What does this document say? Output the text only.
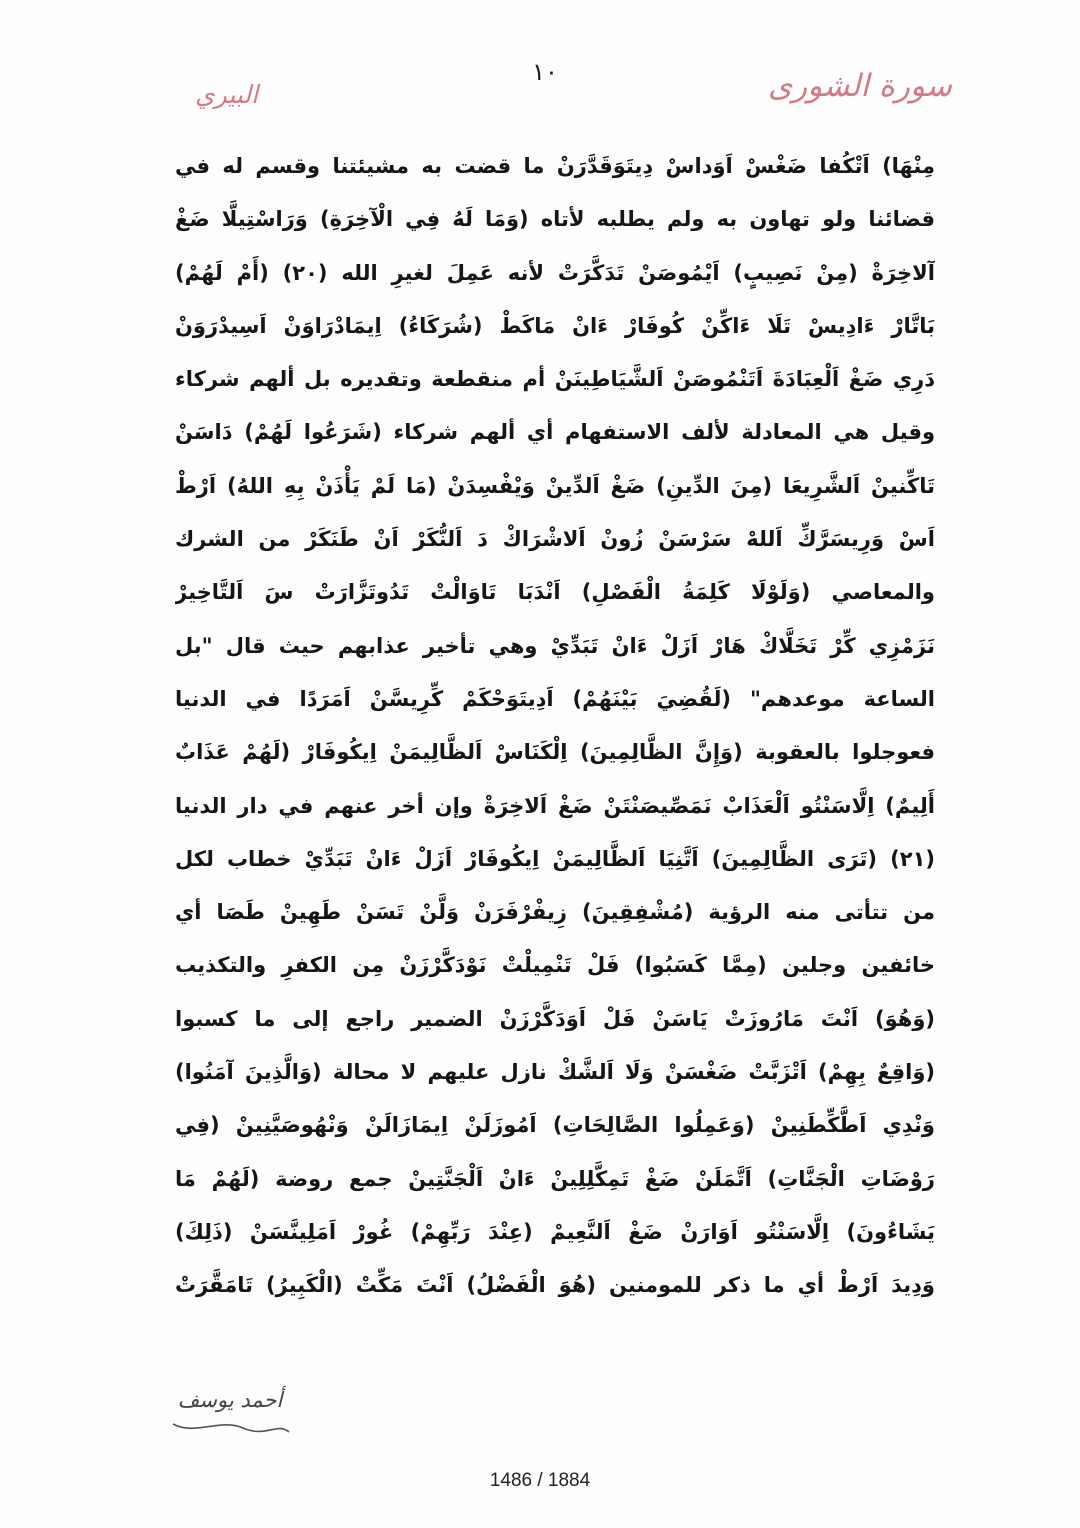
سورة الشورى
١٠
البيري
مِنْهَا) اَتْكُفا ضَغْسْ اَوَداسْ دِيتَوَقَدَّرَنْ ما قضت به مشيئتنا وقسم له في
قضائنا ولو تهاون به ولم يطلبه لأتاه (وَمَا لَهُ فِي الْآخِرَةِ) وَرَاسْتِيلَّا ضَغْ
آلاخِرَةْ (مِنْ نَصِيبٍ) اَيْمُوصَنْ تَدَكَّرَتْ لأنه عَمِلَ لغيرِ الله (٢٠) (أَمْ لَهُمْ)
بَاتَّارْ ءَادِيسْ تَلَا ءَاكِّنْ كُوفَارْ ءَانْ مَاكَطْ (شُرَكَاءُ) اِيمَادْرَاوَنْ اَسِيدْرَوَنْ
دَرِي ضَغْ اَلْعِبَادَةَ اَتَنْمُوصَنْ اَلشَّيَاطِينَنْ أم منقطعة وتقديره بل ألهم شركاء
وقيل هي المعادلة لألف الاستفهام أي ألهم شركاء (شَرَعُوا لَهُمْ) دَاسَنْ
تَاكِّنينْ اَلشَّرِيعَا (مِنَ الدِّينِ) ضَغْ اَلدِّينْ وَيْفْسِدَنْ (مَا لَمْ يَأْذَنْ بِهِ اللهُ) اَرْطْ
اَسْ وَرِيسَرَّكِّ اَللهْ سَرْسَنْ زُونْ اَلاشْرَاكْ دَ اَلنُّكَرْ اَنْ طَنَكَرْ من الشرك
والمعاصي (وَلَوْلَا كَلِمَةُ الْفَصْلِ) اَنْدَبَا تَاوَالْتْ تَدُوتَزَّارَتْ سَ اَلتَّاخِيرْ
نَزَمْزِي كِّرْ تَخَلَّاكْ هَارْ اَزَلْ ءَانْ تَبَدِّيْ وهي تأخير عذابهم حيث قال "بل
الساعة موعدهم" (لَقُضِيَ بَيْنَهُمْ) اَدِيتَوَحْكَمْ كِّرِيسَّنْ اَمَرَدًا في الدنيا
فعوجلوا بالعقوبة (وَإِنَّ الظَّالِمِينَ) اِلْكَنَاسْ اَلظَّالِيمَنْ اِيكُوفَارْ (لَهُمْ عَذَابٌ
أَلِيمٌ) اِلَّاسَنْتُو اَلْعَذَابْ نَمَصِّيصَنْتَنْ ضَغْ اَلاخِرَةْ وإن أخر عنهم في دار الدنيا
(٢١) (تَرَى الظَّالِمِينَ) اَتَّنِيَا اَلظَّالِيمَنْ اِيكُوفَارْ اَزَلْ ءَانْ تَبَدِّيْ خطاب لكل
من تتأتى منه الرؤية (مُشْفِقِينَ) زِيفْرْفَرَنْ وَلَّنْ تَسَنْ طَهِينْ طَصَا أي
خائفين وجلين (مِمَّا كَسَبُوا) فَلْ تَنْمِيلْتْ نَوْدَكَّرْزَنْ مِن الكفرِ والتكذيب
(وَهُوَ) اَنْتَ مَارُوزَتْ يَاسَنْ فَلْ اَوَدَكَّرْزَنْ الضمير راجع إلى ما كسبوا
(وَاقِعٌ بِهِمْ) اَتْزَبَّتْ ضَغْسَنْ وَلَا اَلشَّكْ نازل عليهم لا محالة (وَالَّذِينَ آمَنُوا)
وَنْدِي اَطَّكِّطَنِينْ (وَعَمِلُوا الصَّالِحَاتِ) اَمُوزَلَنْ اِيمَازَالَنْ وَنْهُوصَيَّنِينْ (فِي
رَوْضَاتِ الْجَنَّاتِ) اَتَّمَلَنْ ضَغْ تَمِكَّلِلِينْ ءَانْ اَلْجَنَّتِينْ جمع روضة (لَهُمْ مَا
يَشَاءُونَ) اِلَّاسَنْتُو اَوَارَنْ ضَغْ اَلنَّعِيمْ (عِنْدَ رَبِّهِمْ) غُورْ اَمَلِينَّسَنْ (ذَلِكَ)
وَدِيدَ اَرْطْ أي ما ذكر للمومنين (هُوَ الْفَضْلُ) اَنْتَ مَكِّتْ (الْكَبِيرُ) تَامَقَّرَتْ
أحمد يوسف
1486 / 1884
